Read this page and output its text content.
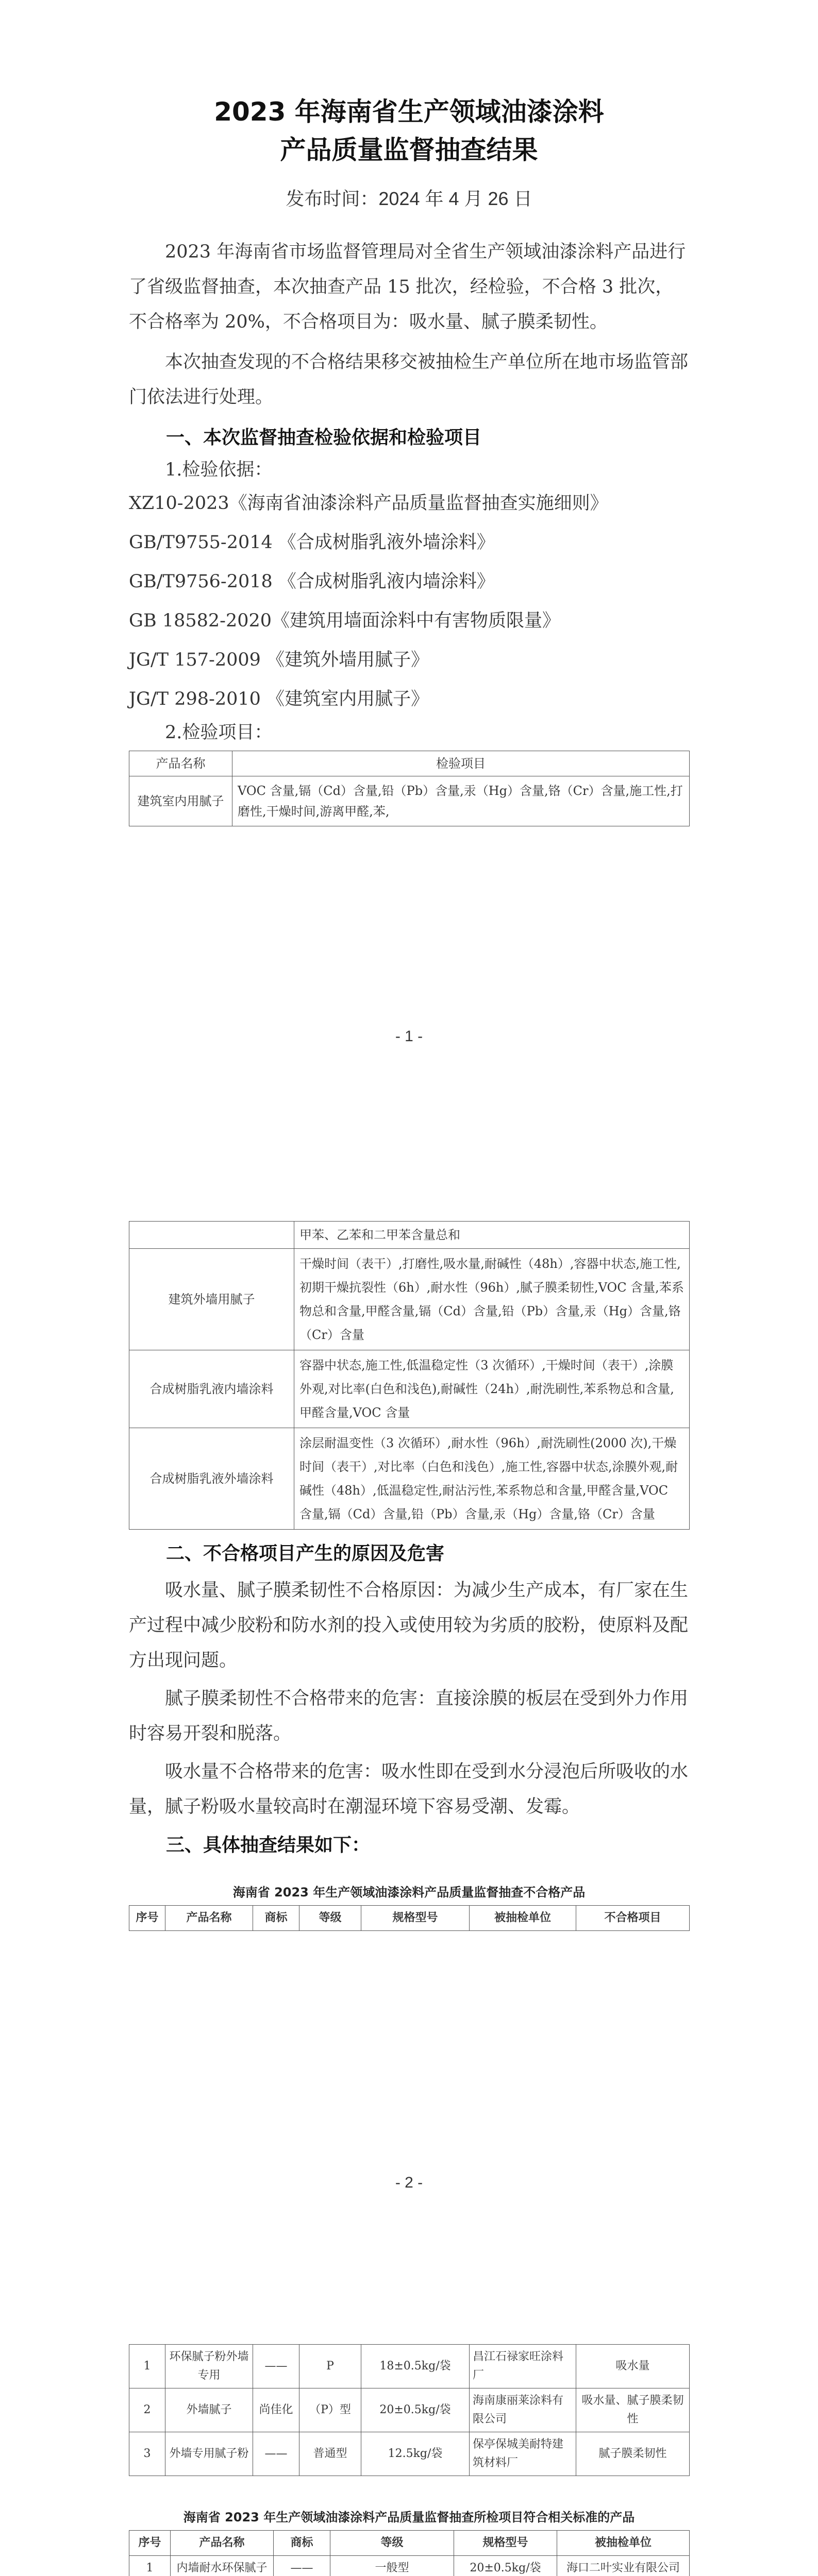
2023 年海南省生产领域油漆涂料
产品质量监督抽查结果
发布时间：2024 年 4 月 26 日

2023 年海南省市场监督管理局对全省生产领域油漆涂料产品进行了省级监督抽查，本次抽查产品 15 批次，经检验，不合格 3 批次，不合格率为 20%，不合格项目为：吸水量、腻子膜柔韧性。

本次抽查发现的不合格结果移交被抽检生产单位所在地市场监管部门依法进行处理。

一、本次监督抽查检验依据和检验项目

1.检验依据：

XZ10-2023《海南省油漆涂料产品质量监督抽查实施细则》

GB/T9755-2014 《合成树脂乳液外墙涂料》

GB/T9756-2018 《合成树脂乳液内墙涂料》

GB 18582-2020《建筑用墙面涂料中有害物质限量》

JG/T 157-2009 《建筑外墙用腻子》

JG/T 298-2010 《建筑室内用腻子》

2.检验项目：

产品名称	检验项目
建筑室内用腻子	VOC 含量,镉（Cd）含量,铅（Pb）含量,汞（Hg）含量,铬（Cr）含量,施工性,打磨性,干燥时间,游离甲醛,苯,
- 1 -
	甲苯、乙苯和二甲苯含量总和
建筑外墙用腻子	干燥时间（表干）,打磨性,吸水量,耐碱性（48h）,容器中状态,施工性,初期干燥抗裂性（6h）,耐水性（96h）,腻子膜柔韧性,VOC 含量,苯系物总和含量,甲醛含量,镉（Cd）含量,铅（Pb）含量,汞（Hg）含量,铬（Cr）含量
合成树脂乳液内墙涂料	容器中状态,施工性,低温稳定性（3 次循环）,干燥时间（表干）,涂膜外观,对比率(白色和浅色),耐碱性（24h）,耐洗刷性,苯系物总和含量,甲醛含量,VOC 含量
合成树脂乳液外墙涂料	涂层耐温变性（3 次循环）,耐水性（96h）,耐洗刷性(2000 次),干燥时间（表干）,对比率（白色和浅色）,施工性,容器中状态,涂膜外观,耐碱性（48h）,低温稳定性,耐沾污性,苯系物总和含量,甲醛含量,VOC 含量,镉（Cd）含量,铅（Pb）含量,汞（Hg）含量,铬（Cr）含量

二、不合格项目产生的原因及危害

吸水量、腻子膜柔韧性不合格原因：为减少生产成本，有厂家在生产过程中减少胶粉和防水剂的投入或使用较为劣质的胶粉，使原料及配方出现问题。

腻子膜柔韧性不合格带来的危害：直接涂膜的板层在受到外力作用时容易开裂和脱落。

吸水量不合格带来的危害：吸水性即在受到水分浸泡后所吸收的水量，腻子粉吸水量较高时在潮湿环境下容易受潮、发霉。

三、具体抽查结果如下：

海南省 2023 年生产领域油漆涂料产品质量监督抽查不合格产品
序号	产品名称	商标	等级	规格型号	被抽检单位	不合格项目
- 2 -
1	环保腻子粉外墙专用	——	P	18±0.5kg/袋	昌江石禄家旺涂料厂	吸水量
2	外墙腻子	尚佳化	（P）型	20±0.5kg/袋	海南康丽莱涂料有限公司	吸水量、腻子膜柔韧性
3	外墙专用腻子粉	——	普通型	12.5kg/袋	保亭保城美耐特建筑材料厂	腻子膜柔韧性
海南省 2023 年生产领域油漆涂料产品质量监督抽查所检项目符合相关标准的产品
序号	产品名称	商标	等级	规格型号	被抽检单位
1	内墙耐水环保腻子	——	一般型	20±0.5kg/袋	海口二叶实业有限公司
